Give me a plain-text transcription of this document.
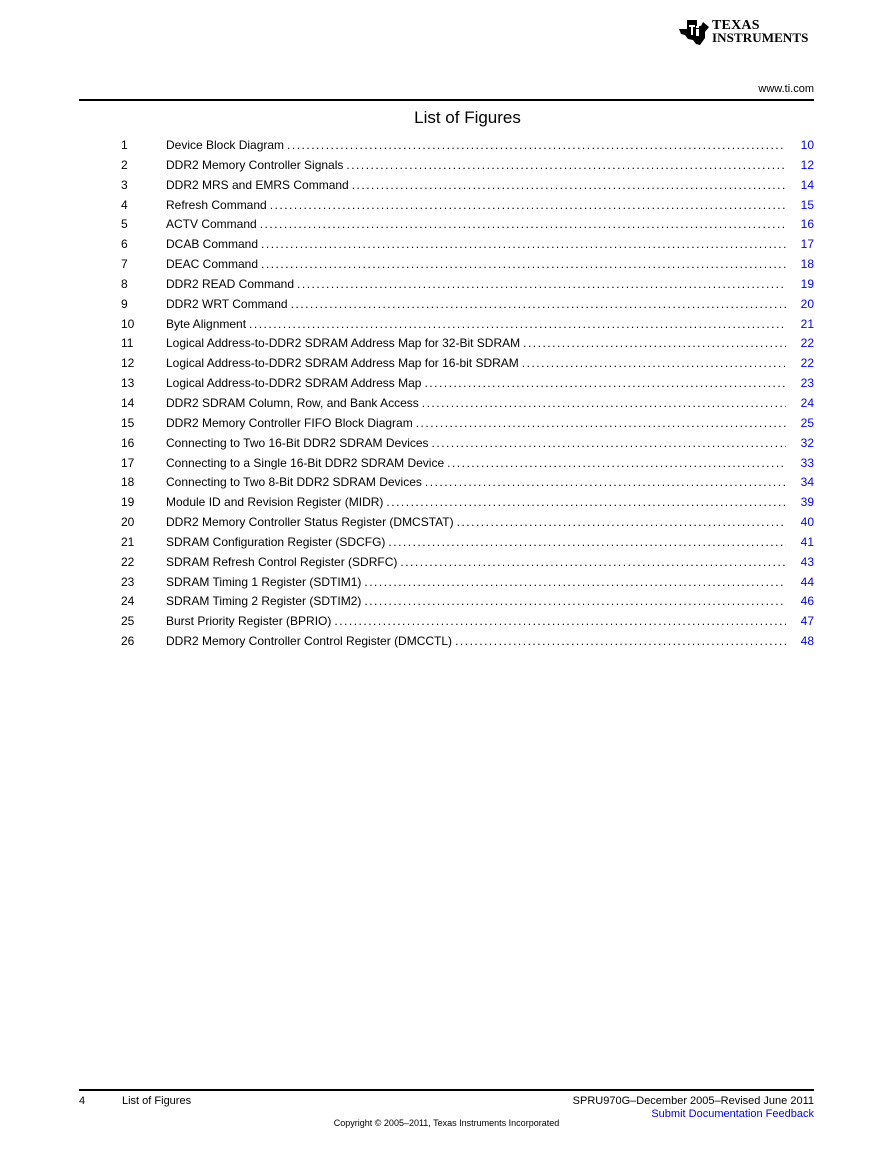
TEXAS
INSTRUMENTS
www.ti.com
List of Figures
1	Device Block Diagram .....	10
2	DDR2 Memory Controller Signals .....	12
3	DDR2 MRS and EMRS Command .....	14
4	Refresh Command .....	15
5	ACTV Command .....	16
6	DCAB Command .....	17
7	DEAC Command .....	18
8	DDR2 READ Command .....	19
9	DDR2 WRT Command .....	20
10	Byte Alignment .....	21
11	Logical Address-to-DDR2 SDRAM Address Map for 32-Bit SDRAM .....	22
12	Logical Address-to-DDR2 SDRAM Address Map for 16-bit SDRAM .....	22
13	Logical Address-to-DDR2 SDRAM Address Map .....	23
14	DDR2 SDRAM Column, Row, and Bank Access .....	24
15	DDR2 Memory Controller FIFO Block Diagram .....	25
16	Connecting to Two 16-Bit DDR2 SDRAM Devices .....	32
17	Connecting to a Single 16-Bit DDR2 SDRAM Device .....	33
18	Connecting to Two 8-Bit DDR2 SDRAM Devices .....	34
19	Module ID and Revision Register (MIDR) .....	39
20	DDR2 Memory Controller Status Register (DMCSTAT) .....	40
21	SDRAM Configuration Register (SDCFG) .....	41
22	SDRAM Refresh Control Register (SDRFC) .....	43
23	SDRAM Timing 1 Register (SDTIM1) .....	44
24	SDRAM Timing 2 Register (SDTIM2) .....	46
25	Burst Priority Register (BPRIO) .....	47
26	DDR2 Memory Controller Control Register (DMCCTL) .....	48
4	List of Figures	SPRU970G–December 2005–Revised June 2011
Submit Documentation Feedback
Copyright © 2005–2011, Texas Instruments Incorporated
